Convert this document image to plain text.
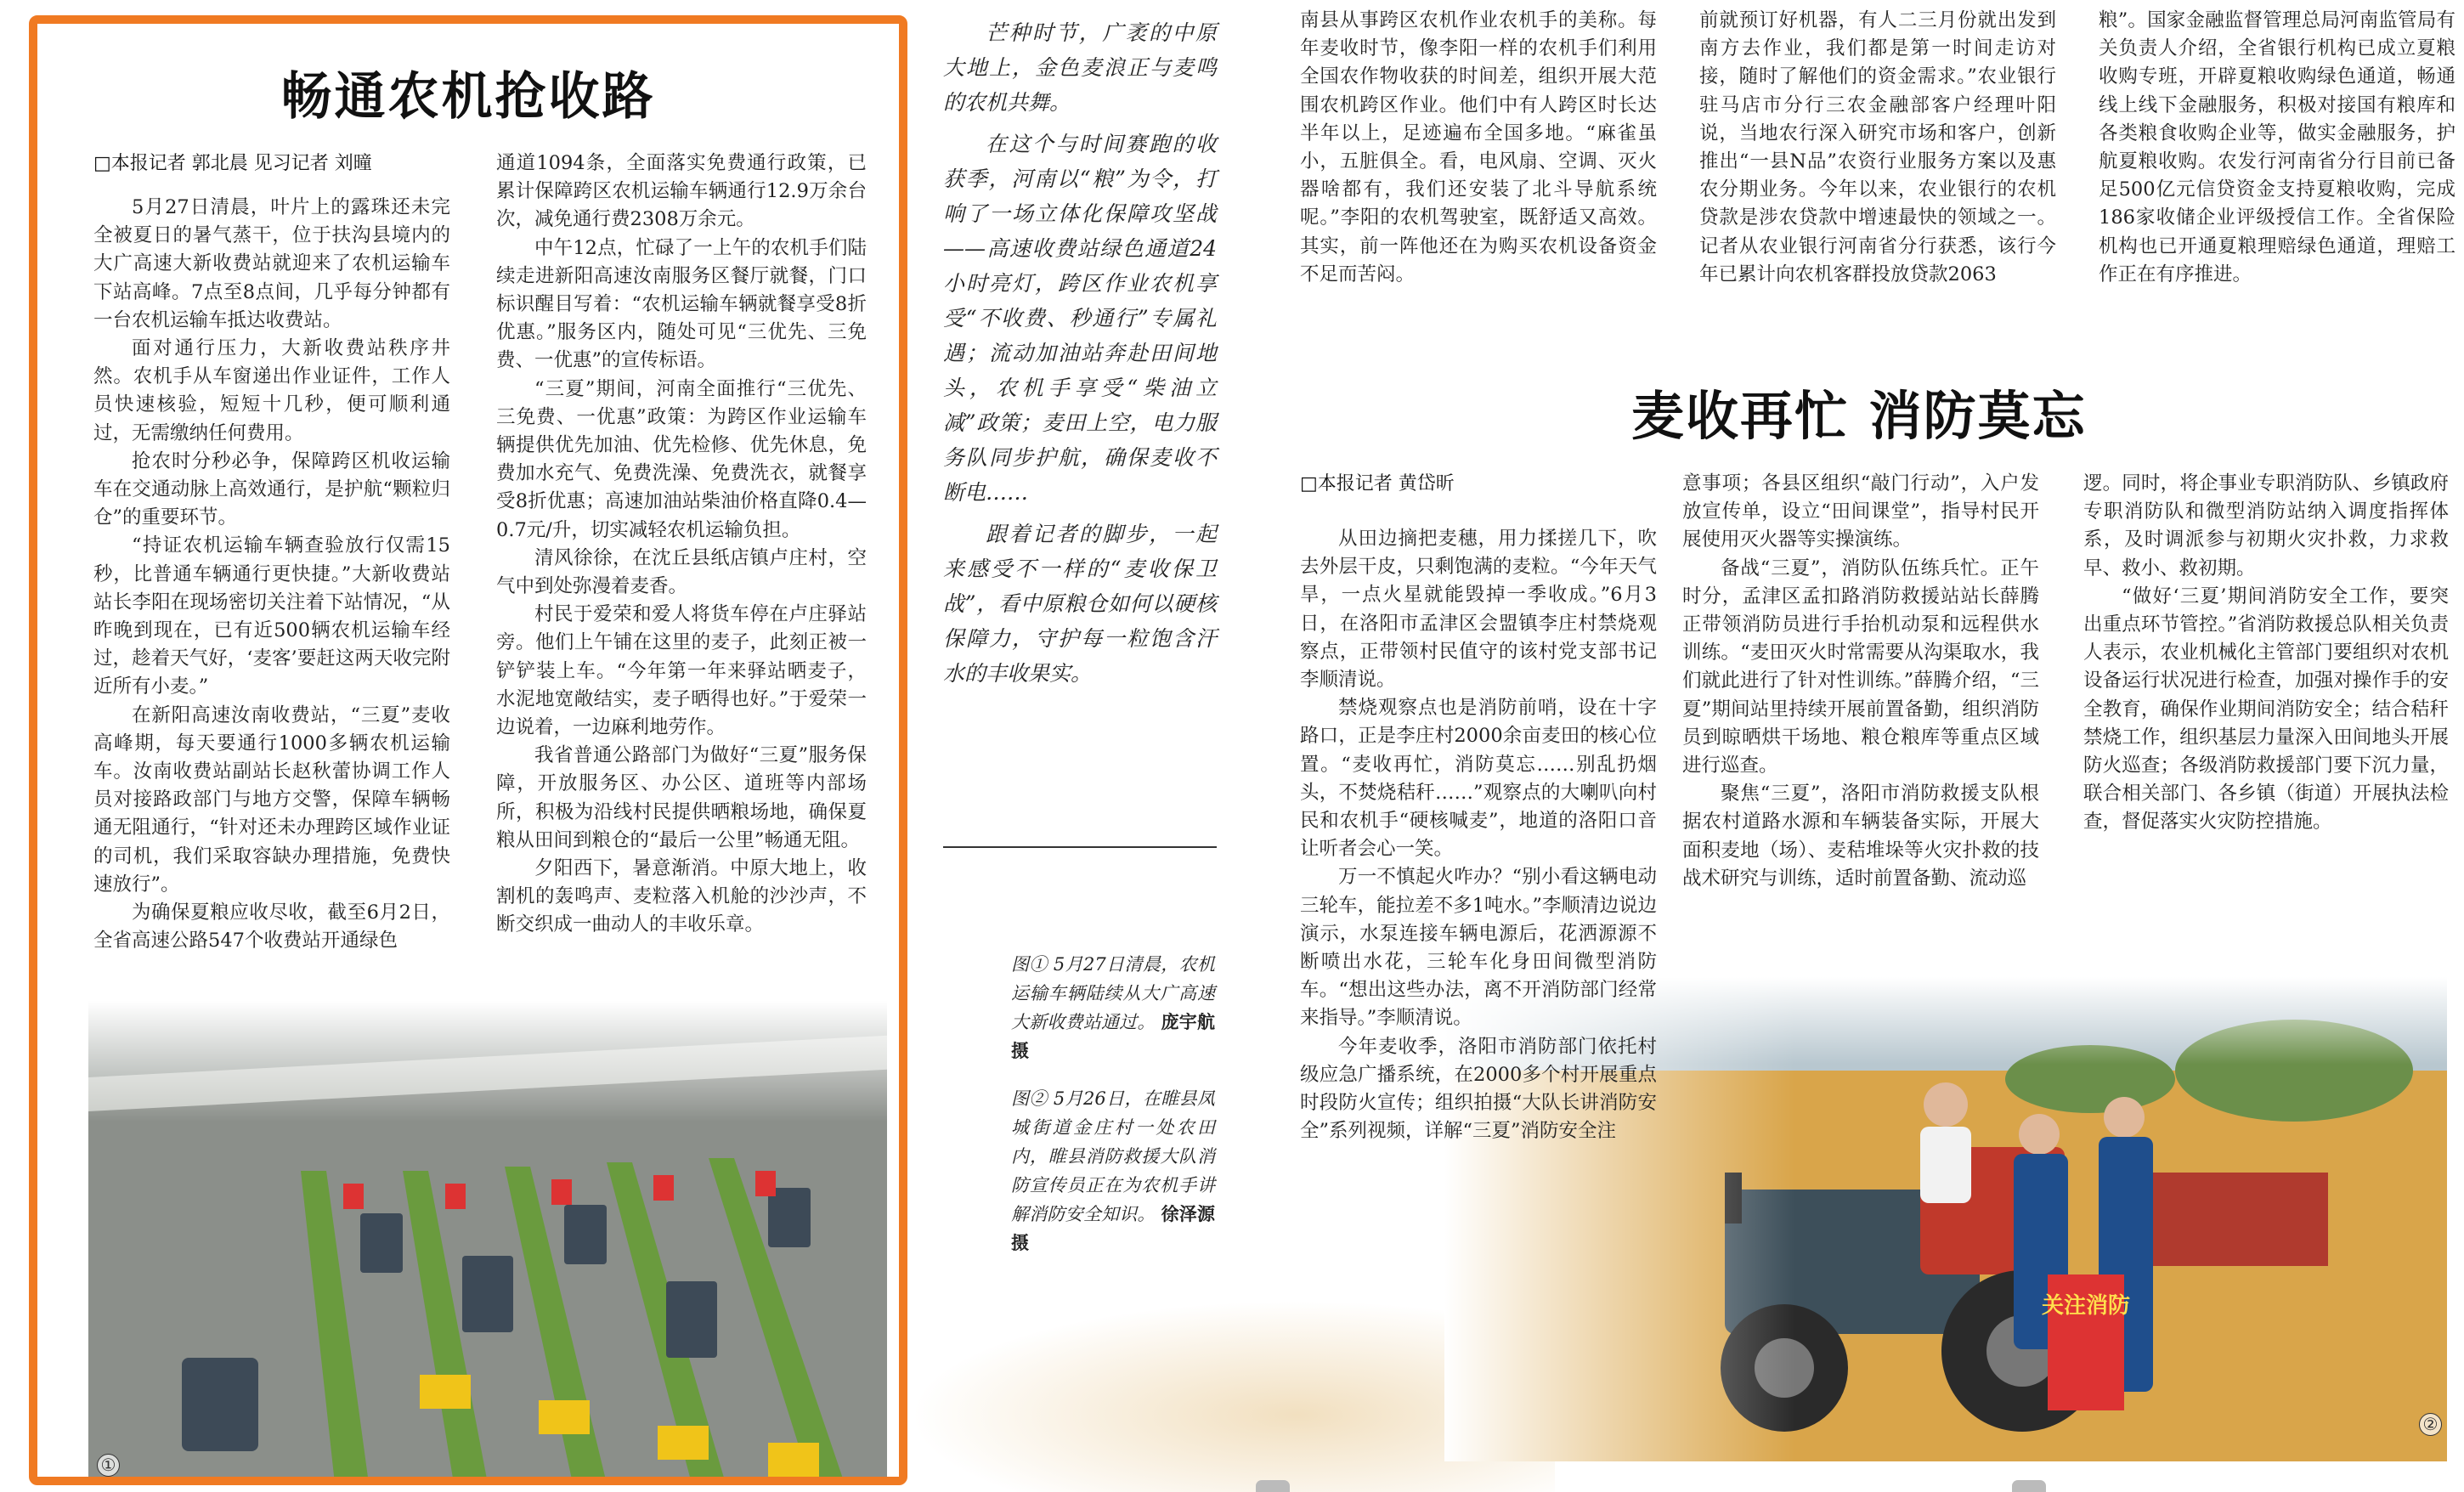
畅通农机抢收路
□本报记者 郭北晨 见习记者 刘曈

5月27日清晨，叶片上的露珠还未完全被夏日的暑气蒸干，位于扶沟县境内的大广高速大新收费站就迎来了农机运输车下站高峰。7点至8点间，几乎每分钟都有一台农机运输车抵达收费站。

面对通行压力，大新收费站秩序井然。农机手从车窗递出作业证件，工作人员快速核验，短短十几秒，便可顺利通过，无需缴纳任何费用。

抢农时分秒必争，保障跨区机收运输车在交通动脉上高效通行，是护航“颗粒归仓”的重要环节。

“持证农机运输车辆查验放行仅需15秒，比普通车辆通行更快捷。”大新收费站站长李阳在现场密切关注着下站情况，“从昨晚到现在，已有近500辆农机运输车经过，趁着天气好，‘麦客’要赶这两天收完附近所有小麦。”

在新阳高速汝南收费站，“三夏”麦收高峰期，每天要通行1000多辆农机运输车。汝南收费站副站长赵秋蕾协调工作人员对接路政部门与地方交警，保障车辆畅通无阻通行，“针对还未办理跨区域作业证的司机，我们采取容缺办理措施，免费快速放行”。

为确保夏粮应收尽收，截至6月2日，全省高速公路547个收费站开通绿色

通道1094条，全面落实免费通行政策，已累计保障跨区农机运输车辆通行12.9万余台次，减免通行费2308万余元。

中午12点，忙碌了一上午的农机手们陆续走进新阳高速汝南服务区餐厅就餐，门口标识醒目写着：“农机运输车辆就餐享受8折优惠。”服务区内，随处可见“三优先、三免费、一优惠”的宣传标语。

“三夏”期间，河南全面推行“三优先、三免费、一优惠”政策：为跨区作业运输车辆提供优先加油、优先检修、优先休息，免费加水充气、免费洗澡、免费洗衣，就餐享受8折优惠；高速加油站柴油价格直降0.4—0.7元/升，切实减轻农机运输负担。

清风徐徐，在沈丘县纸店镇卢庄村，空气中到处弥漫着麦香。

村民于爱荣和爱人将货车停在卢庄驿站旁。他们上午铺在这里的麦子，此刻正被一铲铲装上车。“今年第一年来驿站晒麦子，水泥地宽敞结实，麦子晒得也好。”于爱荣一边说着，一边麻利地劳作。

我省普通公路部门为做好“三夏”服务保障，开放服务区、办公区、道班等内部场所，积极为沿线村民提供晒粮场地，确保夏粮从田间到粮仓的“最后一公里”畅通无阻。

夕阳西下，暑意渐消。中原大地上，收割机的轰鸣声、麦粒落入机舱的沙沙声，不断交织成一曲动人的丰收乐章。

①

芒种时节，广袤的中原大地上，金色麦浪正与麦鸣的农机共舞。

在这个与时间赛跑的收获季，河南以“粮”为令，打响了一场立体化保障攻坚战——高速收费站绿色通道24小时亮灯，跨区作业农机享受“不收费、秒通行”专属礼遇；流动加油站奔赴田间地头，农机手享受“柴油立减”政策；麦田上空，电力服务队同步护航，确保麦收不断电……

跟着记者的脚步，一起来感受不一样的“麦收保卫战”，看中原粮仓如何以硬核保障力，守护每一粒饱含汗水的丰收果实。

图① 5月27日清晨，农机运输车辆陆续从大广高速大新收费站通过。 庞宇航 摄

图② 5月26日，在睢县凤城街道金庄村一处农田内，睢县消防救援大队消防宣传员正在为农机手讲解消防安全知识。 徐泽源 摄

南县从事跨区农机作业农机手的美称。每年麦收时节，像李阳一样的农机手们利用全国农作物收获的时间差，组织开展大范围农机跨区作业。他们中有人跨区时长达半年以上，足迹遍布全国多地。“麻雀虽小，五脏俱全。看，电风扇、空调、灭火器啥都有，我们还安装了北斗导航系统呢。”李阳的农机驾驶室，既舒适又高效。其实，前一阵他还在为购买农机设备资金不足而苦闷。
前就预订好机器，有人二三月份就出发到南方去作业，我们都是第一时间走访对接，随时了解他们的资金需求。”农业银行驻马店市分行三农金融部客户经理叶阳说，当地农行深入研究市场和客户，创新推出“一县N品”农资行业服务方案以及惠农分期业务。今年以来，农业银行的农机贷款是涉农贷款中增速最快的领域之一。记者从农业银行河南省分行获悉，该行今年已累计向农机客群投放贷款2063
粮”。国家金融监督管理总局河南监管局有关负责人介绍，全省银行机构已成立夏粮收购专班，开辟夏粮收购绿色通道，畅通线上线下金融服务，积极对接国有粮库和各类粮食收购企业等，做实金融服务，护航夏粮收购。农发行河南省分行目前已备足500亿元信贷资金支持夏粮收购，完成186家收储企业评级授信工作。全省保险机构也已开通夏粮理赔绿色通道，理赔工作正在有序推进。
麦收再忙 消防莫忘
□本报记者 黄岱昕
②

从田边摘把麦穗，用力揉搓几下，吹去外层干皮，只剩饱满的麦粒。“今年天气旱，一点火星就能毁掉一季收成。”6月3日，在洛阳市孟津区会盟镇李庄村禁烧观察点，正带领村民值守的该村党支部书记李顺清说。

禁烧观察点也是消防前哨，设在十字路口，正是李庄村2000余亩麦田的核心位置。“麦收再忙，消防莫忘……别乱扔烟头，不焚烧秸秆……”观察点的大喇叭向村民和农机手“硬核喊麦”，地道的洛阳口音让听者会心一笑。

万一不慎起火咋办？“别小看这辆电动三轮车，能拉差不多1吨水。”李顺清边说边演示，水泵连接车辆电源后，花洒源源不断喷出水花，三轮车化身田间微型消防车。“想出这些办法，离不开消防部门经常来指导。”李顺清说。

今年麦收季，洛阳市消防部门依托村级应急广播系统，在2000多个村开展重点时段防火宣传；组织拍摄“大队长讲消防安全”系列视频，详解“三夏”消防安全注

意事项；各县区组织“敲门行动”，入户发放宣传单，设立“田间课堂”，指导村民开展使用灭火器等实操演练。

备战“三夏”，消防队伍练兵忙。正午时分，孟津区孟扣路消防救援站站长薛腾正带领消防员进行手抬机动泵和远程供水训练。“麦田灭火时常需要从沟渠取水，我们就此进行了针对性训练。”薛腾介绍，“三夏”期间站里持续开展前置备勤，组织消防员到晾晒烘干场地、粮仓粮库等重点区域进行巡查。

聚焦“三夏”，洛阳市消防救援支队根据农村道路水源和车辆装备实际，开展大面积麦地（场）、麦秸堆垛等火灾扑救的技战术研究与训练，适时前置备勤、流动巡

逻。同时，将企事业专职消防队、乡镇政府专职消防队和微型消防站纳入调度指挥体系，及时调派参与初期火灾扑救，力求救早、救小、救初期。

“做好‘三夏’期间消防安全工作，要突出重点环节管控。”省消防救援总队相关负责人表示，农业机械化主管部门要组织对农机设备运行状况进行检查，加强对操作手的安全教育，确保作业期间消防安全；结合秸秆禁烧工作，组织基层力量深入田间地头开展防火巡查；各级消防救援部门要下沉力量，联合相关部门、各乡镇（街道）开展执法检查，督促落实火灾防控措施。
